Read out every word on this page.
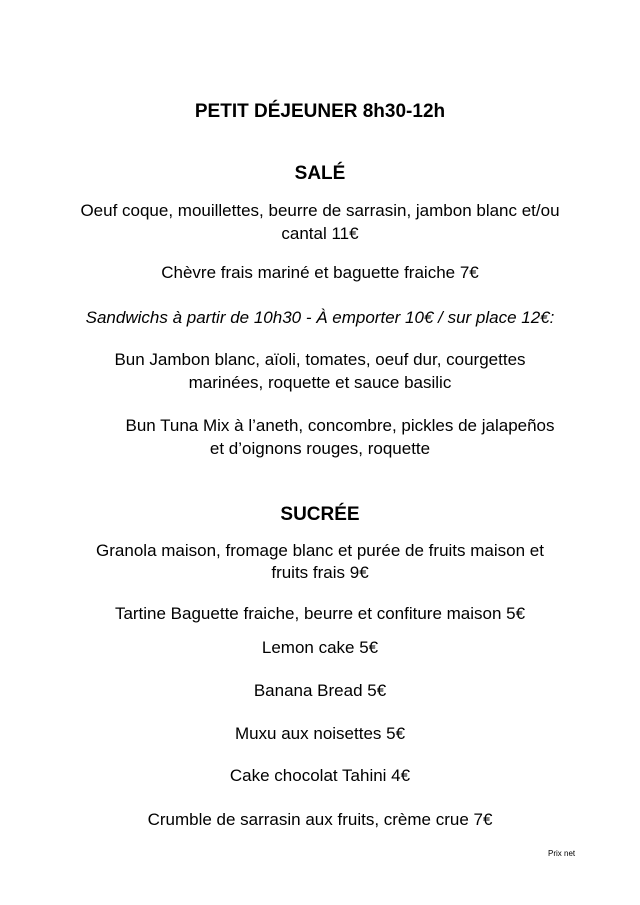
PETIT DÉJEUNER 8h30-12h
SALÉ
Oeuf coque, mouillettes, beurre de sarrasin, jambon blanc et/ou
cantal 11€
Chèvre frais mariné et baguette fraiche 7€
Sandwichs à partir de 10h30 - À emporter 10€ / sur place 12€:
Bun Jambon blanc, aïoli, tomates, oeuf dur, courgettes
marinées, roquette et sauce basilic
Bun Tuna Mix à l’aneth, concombre, pickles de jalapeños
et d’oignons rouges, roquette
SUCRÉE
Granola maison, fromage blanc et purée de fruits maison et
fruits frais 9€
Tartine Baguette fraiche, beurre et confiture maison 5€
Lemon cake 5€
Banana Bread 5€
Muxu aux noisettes 5€
Cake chocolat Tahini 4€
Crumble de sarrasin aux fruits, crème crue 7€
Prix net
